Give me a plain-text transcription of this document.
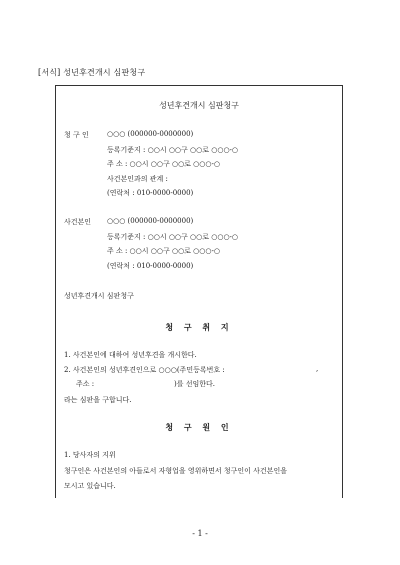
[서식] 성년후견개시 심판청구
성년후견개시 심판청구
청 구 인	○○○ (000000-0000000)
등록기준지 : ○○시 ○○구 ○○로 ○○○-○
주 소 : ○○시 ○○구 ○○로 ○○○-○
사건본인과의 관계 :
(연락처 : 010-0000-0000)
사건본인 ○○○ (000000-0000000)
등록기준지 : ○○시 ○○구 ○○로 ○○○-○
주 소 : ○○시 ○○구 ○○로 ○○○-○
(연락처 : 010-0000-0000)
성년후견개시 심판청구
청 구 취 지
1. 사건본인에 대하여 성년후견을 개시한다.
2. 사건본인의 성년후견인으로 ○○○(주민등록번호 :	,
주소 :	)를 선임한다.
라는 심판을 구합니다.
청 구 원 인
1. 당사자의 지위
청구인은 사건본인의 아들로서 자형업을 영위하면서 청구인이 사건본인을
모시고 있습니다.
- 1 -
